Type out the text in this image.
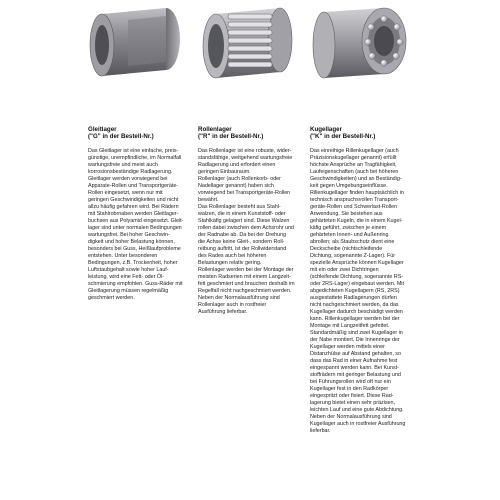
Gleitlager
("G" in der Bestell-Nr.)

Das Gleitlager ist eine einfache, preis-
günstige, unempfindliche, im Normalfall
wartungsfreie und meist auch
korrosionsbeständige Radlagerung.
Gleitlager werden vorwiegend bei
Apparate-Rollen und Transportgeräte-
Rollen eingesetzt, wenn nur mit
geringen Geschwindigkeiten und nicht
allzu häufig gefahren wird. Bei Rädern
mit Stahlrobrnaben werden Gleitlager-
buchsen aus Polyamid eingesetzt. Gleit-
lager sind unter normalen Bedingungen
wartungsfrei. Bei hoher Geschwin-
digkeit und hoher Belastung können,
besonders bei Guss, Heißlaufprobleme
entstehen. Unter besonderen
Bedingungen, z.B. Trockenheit, hoher
Luftstaubgehalt sowie hoher Lauf-
leistung, wird eine Fett- oder Öl-
schmierung empfohlen. Guss-Räder mit
Gleitlagerung müssen regelmäßig
geschmiert werden.

Rollenlager
("R" in der Bestell-Nr.)

Das Rollenlager ist eine robuste, wider-
standsfähige, weitgehend wartungsfreie
Radlagerung und erfordert einen
geringen Einbauraum.
Rollenlager (auch Rollenkorb- oder
Nadellager genannt) haben sich
vorwiegend bei Transportgeräte-Rollen
bewährt.
Das Rollenlager besteht aus Stahl-
walzen, die in einem Kunststoff- oder
Stahlkäfig gelagert sind. Diese Walzen
rollen dabei zwischen dem Achsrohr und
der Radnabe ab. Da bei der Drehung
die Achse keine Gleit-, sondern Roll-
reibung auftritt, ist der Rollwiderstand
des Rades auch bei höheren
Belastungen relativ gering.
Rollenlager werden bei der Montage der
meisten Radserien mit einem Langzeit-
fett geschmiert und brauchen deshalb im
Regelfall nicht nachgeschmiert werden.
Neben der Normalausführung sind
Rollenlager auch in rostfreier
Ausführung lieferbar.

Kugellager
("K" in der Bestell-Nr.)

Das einreihige Rillenkugellager (auch
Präzisionskugellager genannt) erfüllt
höchste Ansprüche an Tragfähigkeit,
Laufeigenschaften (auch bei höheren
Geschwindigkeiten) und an Beständig-
keit gegen Umgebungseinflüsse.
Rillenkugellager finden hauptsächlich in
technisch anspruchsvollen Transport-
geräte-Rollen und Schwerlast-Rollen
Anwendung. Sie bestehen aus
gehärteten Kugeln, die in einem Kugel-
käfig geführt, zwischen je einem
gehärteten Innen- und Außenring
abrollen; als Staubschutz dient eine
Deckscheibe (nichtschleifende
Dichtung, sogenannte Z-Lager). Für
spezielle Ansprüche können Kugellager
mit ein oder zwei Dichtringen
(schleifende Dichtung, sogenannte RS-
oder 2RS-Lager) eingebaut werden. Mit
abgedichteten Kugellagern (RS, 2RS)
ausgestattete Radlagerungen dürfen
nicht nachgeschmiert werden, da das
Kugellager dadurch beschädigt werden
kann. Rillenkugellager werden bei der
Montage mit Langzeitfett gefettet.
Standardmäßig sind zwei Kugellager in
der Nabe montiert. Die Innenringe der
Kugellager werden mittels einer
Distanzhülse auf Abstand gehalten, so
dass das Rad in einer Aufnahme fest
eingespannt werden kann. Bei Kunst-
stoffrädern mit geringer Belastung und
bei Führungsrollen wird oft nur ein
Kugellager fest in den Radkörper
eingespritzt oder fixiert. Diese Rad-
lagerung bietet einen sehr präzisen,
leichten Lauf und eine gute Abdichtung.
Neben der Normalausführung sind
Kugellager auch in rostfreier Ausführung
lieferbar.
